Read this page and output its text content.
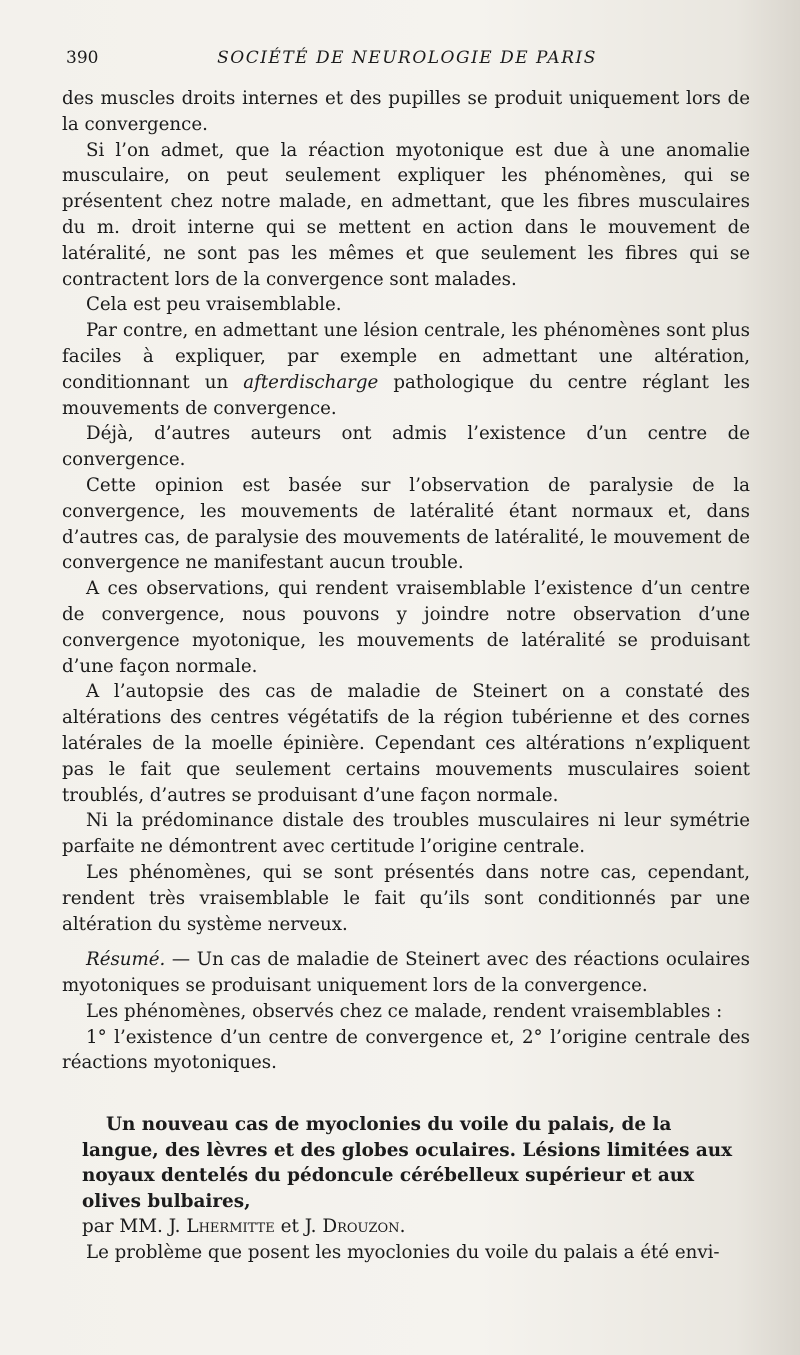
390	SOCIÉTÉ DE NEUROLOGIE DE PARIS

des muscles droits internes et des pupilles se produit uniquement lors de la convergence.

Si l’on admet, que la réaction myotonique est due à une anomalie musculaire, on peut seulement expliquer les phénomènes, qui se présentent chez notre malade, en admettant, que les fibres musculaires du m. droit interne qui se mettent en action dans le mouvement de latéralité, ne sont pas les mêmes et que seulement les fibres qui se contractent lors de la convergence sont malades.

Cela est peu vraisemblable.

Par contre, en admettant une lésion centrale, les phénomènes sont plus faciles à expliquer, par exemple en admettant une altération, conditionnant un afterdischarge pathologique du centre réglant les mouvements de convergence.

Déjà, d’autres auteurs ont admis l’existence d’un centre de convergence.

Cette opinion est basée sur l’observation de paralysie de la convergence, les mouvements de latéralité étant normaux et, dans d’autres cas, de paralysie des mouvements de latéralité, le mouvement de convergence ne manifestant aucun trouble.

A ces observations, qui rendent vraisemblable l’existence d’un centre de convergence, nous pouvons y joindre notre observation d’une convergence myotonique, les mouvements de latéralité se produisant d’une façon normale.

A l’autopsie des cas de maladie de Steinert on a constaté des altérations des centres végétatifs de la région tubérienne et des cornes latérales de la moelle épinière. Cependant ces altérations n’expliquent pas le fait que seulement certains mouvements musculaires soient troublés, d’autres se produisant d’une façon normale.

Ni la prédominance distale des troubles musculaires ni leur symétrie parfaite ne démontrent avec certitude l’origine centrale.

Les phénomènes, qui se sont présentés dans notre cas, cependant, rendent très vraisemblable le fait qu’ils sont conditionnés par une altération du système nerveux.

Résumé. — Un cas de maladie de Steinert avec des réactions oculaires myotoniques se produisant uniquement lors de la convergence.

Les phénomènes, observés chez ce malade, rendent vraisemblables :

1° l’existence d’un centre de convergence et, 2° l’origine centrale des réactions myotoniques.

Un nouveau cas de myoclonies du voile du palais, de la langue, des lèvres et des globes oculaires. Lésions limitées aux noyaux dentelés du pédoncule cérébelleux supérieur et aux olives bulbaires,
par MM. J. Lhermitte et J. Drouzon.

Le problème que posent les myoclonies du voile du palais a été envi-
